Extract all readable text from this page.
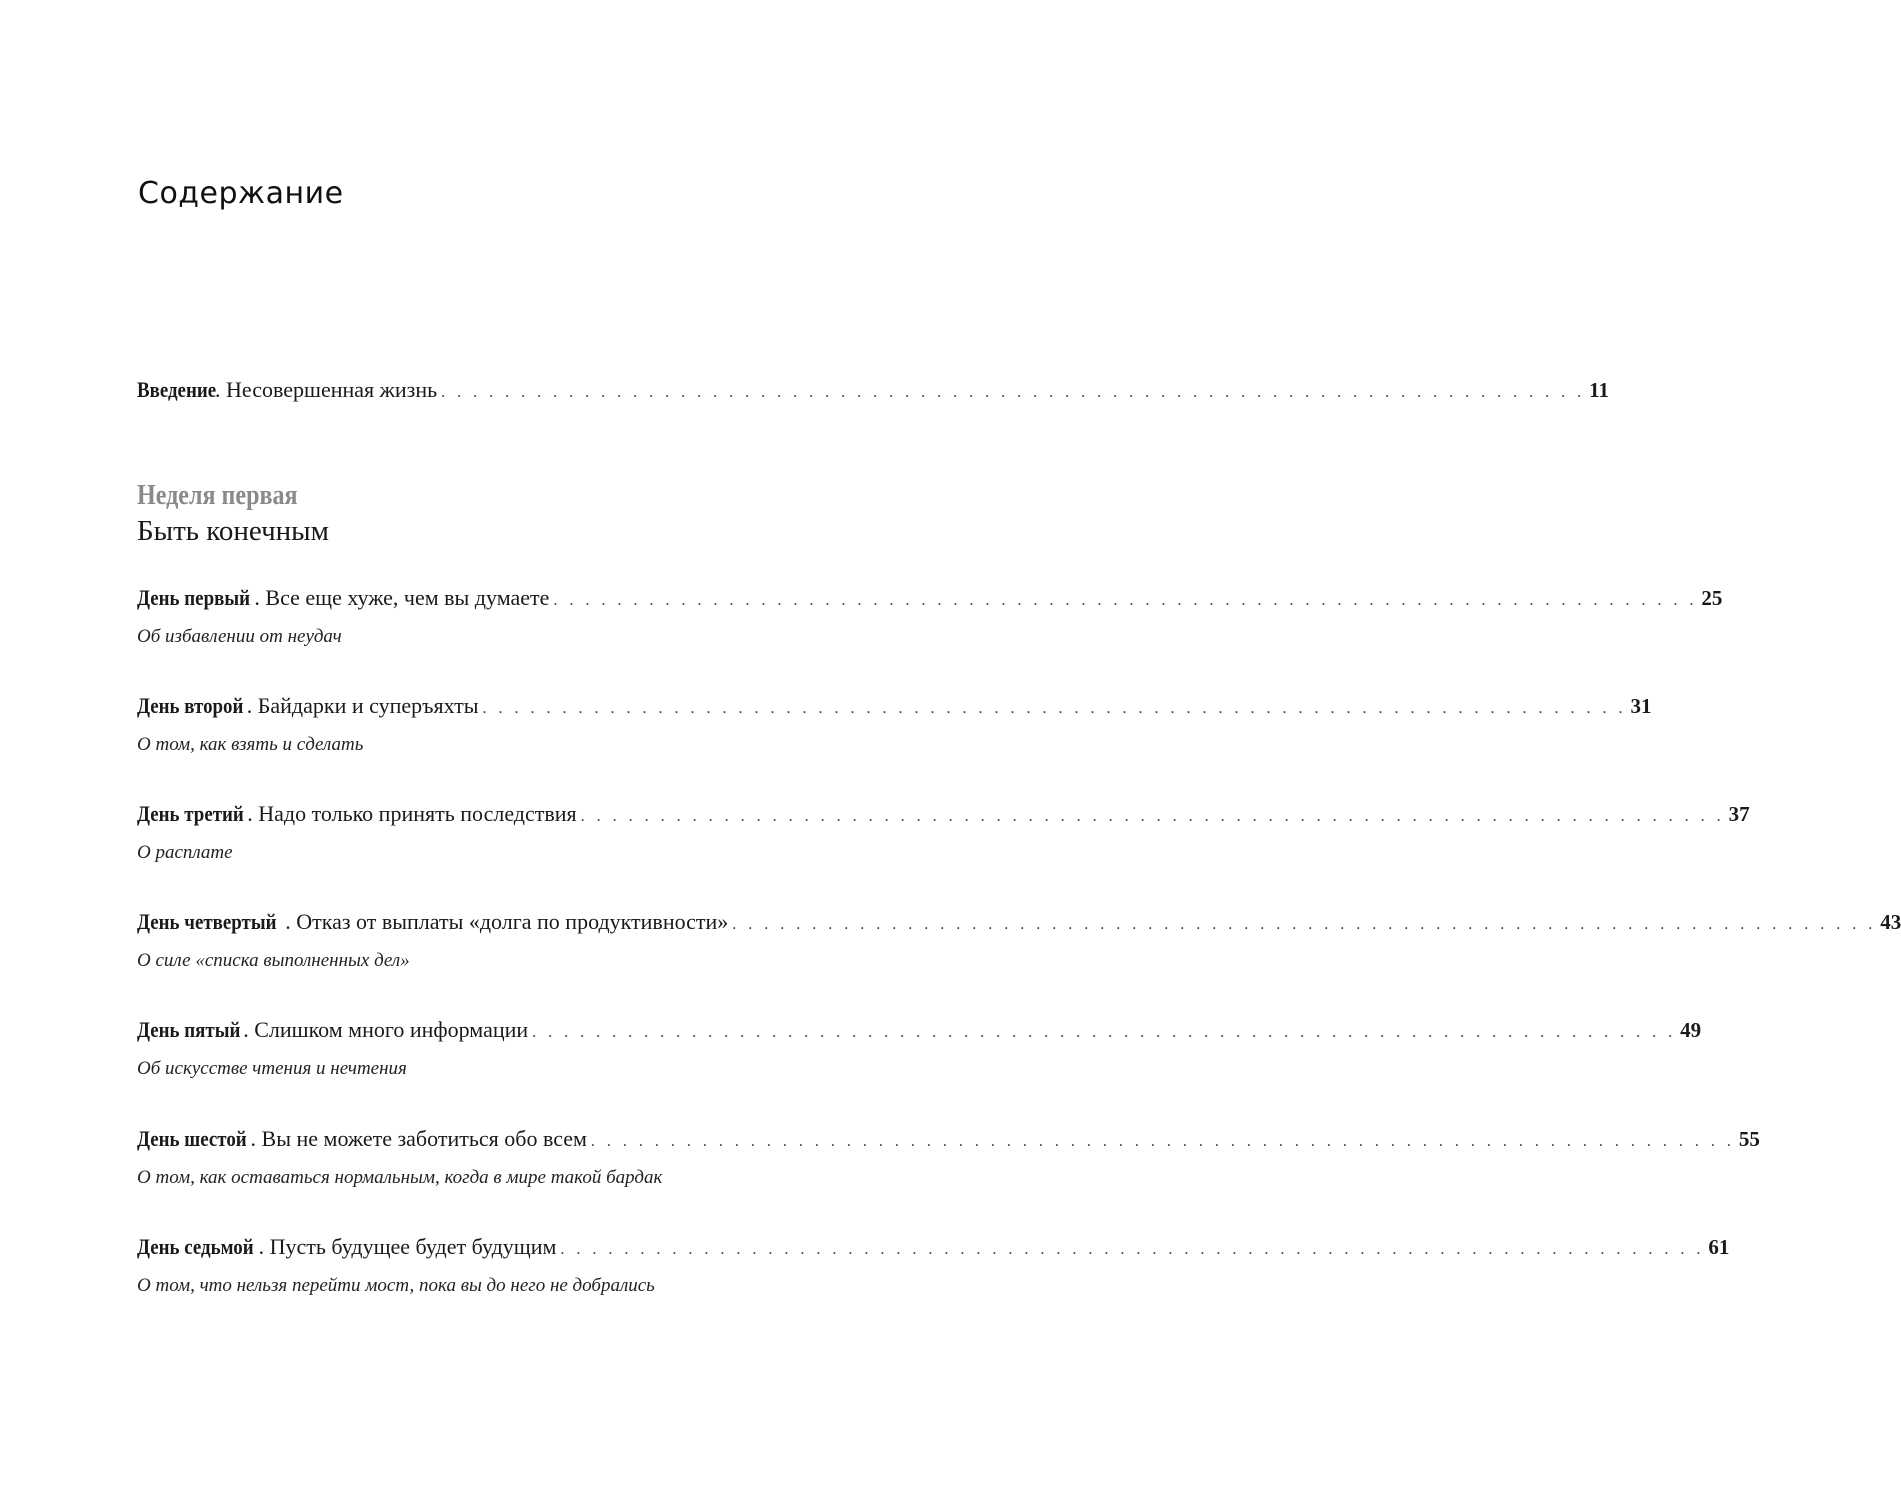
Содержание
Введение
. Несовершенная жизнь . . . . . . . . . . . . . . . . . . . . . . . . . . . . . . . . . . . . . . . . . . . . . . . . . . . . . . . . . . . . . . . . . . . . . . . . 11
Неделя первая
Быть конечным
День первый . Все еще хуже, чем вы думаете . . . . . . . . . . . . . . . . . . . . . . . . . . . . . . . . . . . . . . . . . . . . . . . . . . . . . . . . . . . . . . . . . . . . . . . . 25
Об избавлении от неудач
День второй . Байдарки и суперъяхты . . . . . . . . . . . . . . . . . . . . . . . . . . . . . . . . . . . . . . . . . . . . . . . . . . . . . . . . . . . . . . . . . . . . . . . . 31
О том, как взять и сделать
День третий . Надо только принять последствия . . . . . . . . . . . . . . . . . . . . . . . . . . . . . . . . . . . . . . . . . . . . . . . . . . . . . . . . . . . . . . . . . . . . . . . . 37
О расплате
День четвертый . Отказ от выплаты «долга по продуктивности» . . . . . . . . . . . . . . . . . . . . . . . . . . . . . . . . . . . . . . . . . . . . . . . . . . . . . . . . . . . . . . . . . . . . . . . . 43
О силе «списка выполненных дел»
День пятый . Слишком много информации . . . . . . . . . . . . . . . . . . . . . . . . . . . . . . . . . . . . . . . . . . . . . . . . . . . . . . . . . . . . . . . . . . . . . . . . 49
Об искусстве чтения и нечтения
День шестой . Вы не можете заботиться обо всем . . . . . . . . . . . . . . . . . . . . . . . . . . . . . . . . . . . . . . . . . . . . . . . . . . . . . . . . . . . . . . . . . . . . . . . . 55
О том, как оставаться нормальным, когда в мире такой бардак
День седьмой . Пусть будущее будет будущим . . . . . . . . . . . . . . . . . . . . . . . . . . . . . . . . . . . . . . . . . . . . . . . . . . . . . . . . . . . . . . . . . . . . . . . . 61
О том, что нельзя перейти мост, пока вы до него не добрались
